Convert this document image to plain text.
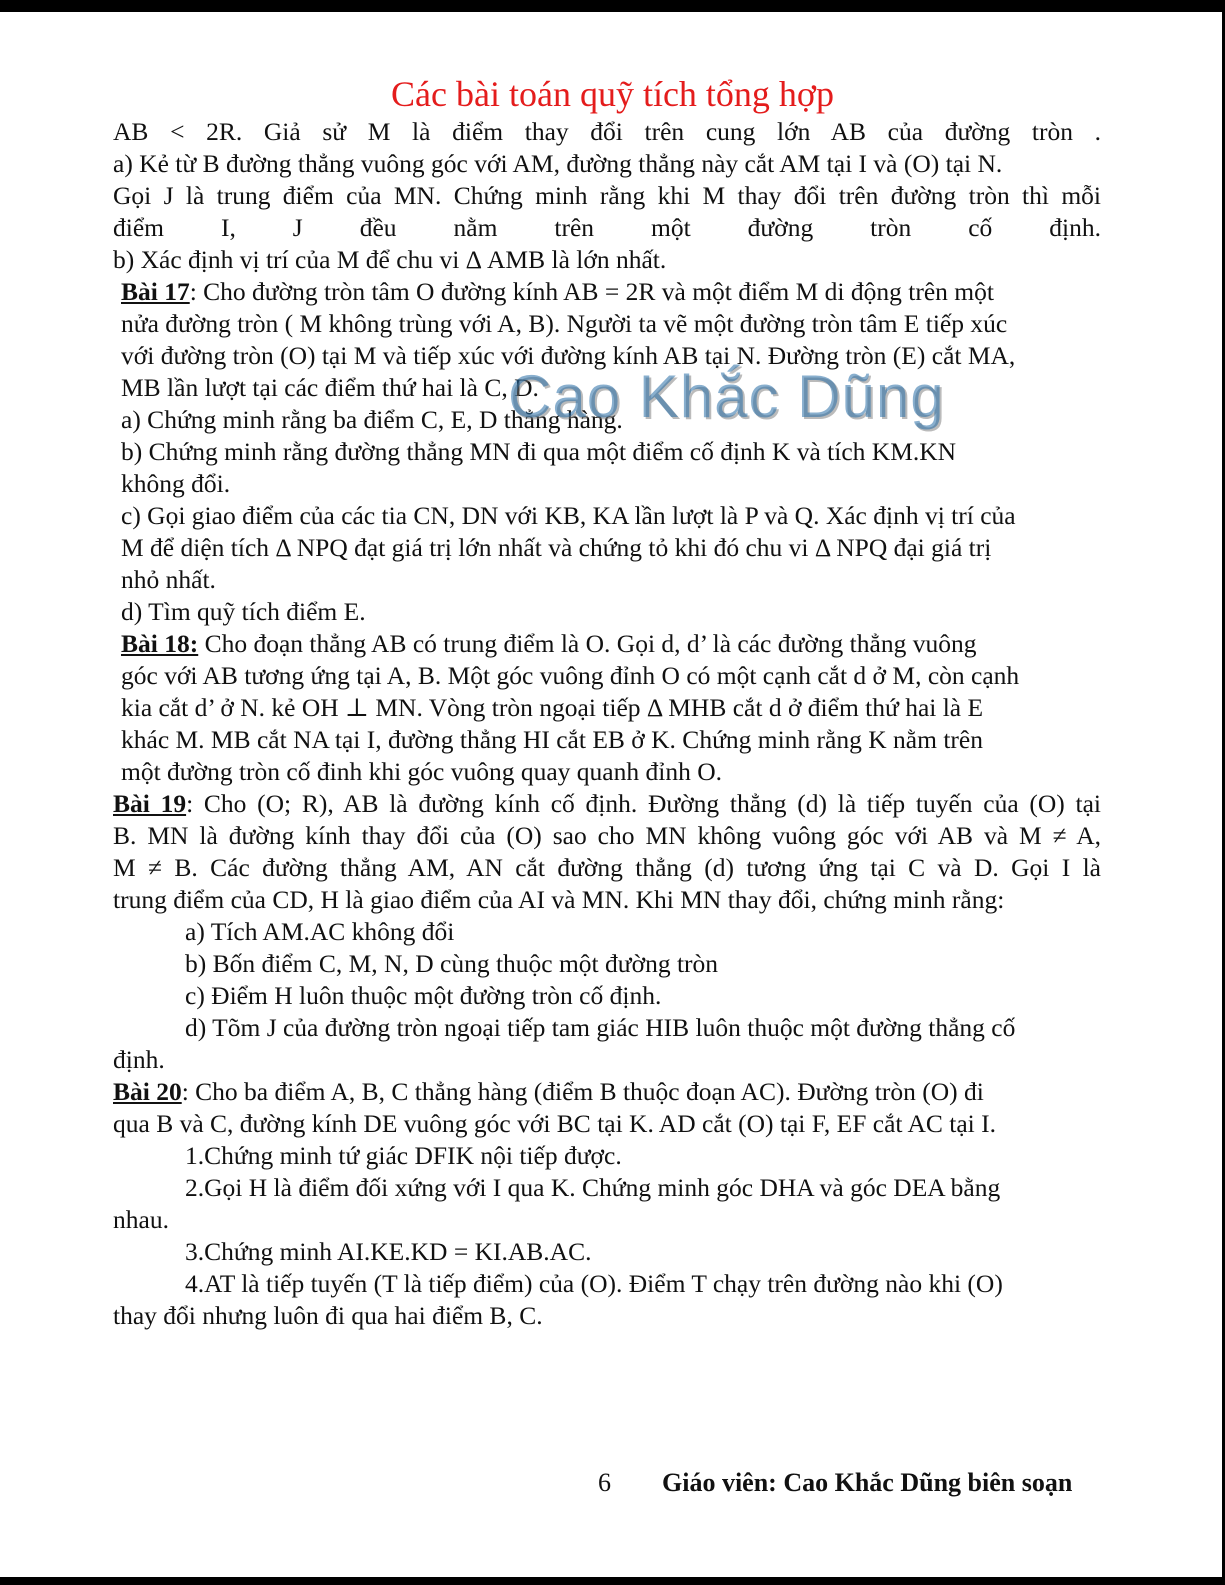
Các bài toán quỹ tích tổng hợp

AB < 2R. Giả sử M là điểm thay đổi trên cung lớn AB của đường tròn .

a) Kẻ từ B đường thẳng vuông góc với AM, đường thẳng này cắt AM tại I và (O) tại N.

Gọi J là trung điểm của MN. Chứng minh rằng khi M thay đổi trên đường tròn thì mỗi

điểm I, J đều nằm trên một đường tròn cố định.

b) Xác định vị trí của M để chu vi Δ AMB là lớn nhất.

Bài 17: Cho đường tròn tâm O đường kính AB = 2R và một điểm M di động trên một

nửa đường tròn ( M không trùng với A, B). Người ta vẽ một đường tròn tâm E tiếp xúc

với đường tròn (O) tại M và tiếp xúc với đường kính AB tại N. Đường tròn (E) cắt MA,

MB lần lượt tại các điểm thứ hai là C, D.

a) Chứng minh rằng ba điểm C, E, D thẳng hàng.

b) Chứng minh rằng đường thẳng MN đi qua một điểm cố định K và tích KM.KN

không đổi.

c) Gọi giao điểm của các tia CN, DN với KB, KA lần lượt là P và Q. Xác định vị trí của

M để diện tích Δ NPQ đạt giá trị lớn nhất và chứng tỏ khi đó chu vi Δ NPQ đại giá trị

nhỏ nhất.

d) Tìm quỹ tích điểm E.

Bài 18: Cho đoạn thẳng AB có trung điểm là O. Gọi d, d’ là các đường thẳng vuông

góc với AB tương ứng tại A, B. Một góc vuông đỉnh O có một cạnh cắt d ở M, còn cạnh

kia cắt d’ ở N. kẻ OH ⊥ MN. Vòng tròn ngoại tiếp Δ MHB cắt d ở điểm thứ hai là E

khác M. MB cắt NA tại I, đường thẳng HI cắt EB ở K. Chứng minh rằng K nằm trên

một đường tròn cố đinh khi góc vuông quay quanh đỉnh O.

Bài 19: Cho (O; R), AB là đường kính cố định. Đường thẳng (d) là tiếp tuyến của (O) tại

B. MN là đường kính thay đổi của (O) sao cho MN không vuông góc với AB và M ≠ A,

M ≠ B. Các đường thẳng AM, AN cắt đường thẳng (d) tương ứng tại C và D. Gọi I là

trung điểm của CD, H là giao điểm của AI và MN. Khi MN thay đổi, chứng minh rằng:

a) Tích AM.AC không đổi

b) Bốn điểm C, M, N, D cùng thuộc một đường tròn

c) Điểm H luôn thuộc một đường tròn cố định.

d) Tõm J của đường tròn ngoại tiếp tam giác HIB luôn thuộc một đường thẳng cố

định.

Bài 20: Cho ba điểm A, B, C thẳng hàng (điểm B thuộc đoạn AC). Đường tròn (O) đi

qua B và C, đường kính DE vuông góc với BC tại K. AD cắt (O) tại F, EF cắt AC tại I.

1.Chứng minh tứ giác DFIK nội tiếp được.

2.Gọi H là điểm đối xứng với I qua K. Chứng minh góc DHA và góc DEA bằng

nhau.

3.Chứng minh AI.KE.KD = KI.AB.AC.

4.AT là tiếp tuyến (T là tiếp điểm) của (O). Điểm T chạy trên đường nào khi (O)

thay đổi nhưng luôn đi qua hai điểm B, C.

Cao Khắc Dũng
6 Giáo viên: Cao Khắc Dũng biên soạn
